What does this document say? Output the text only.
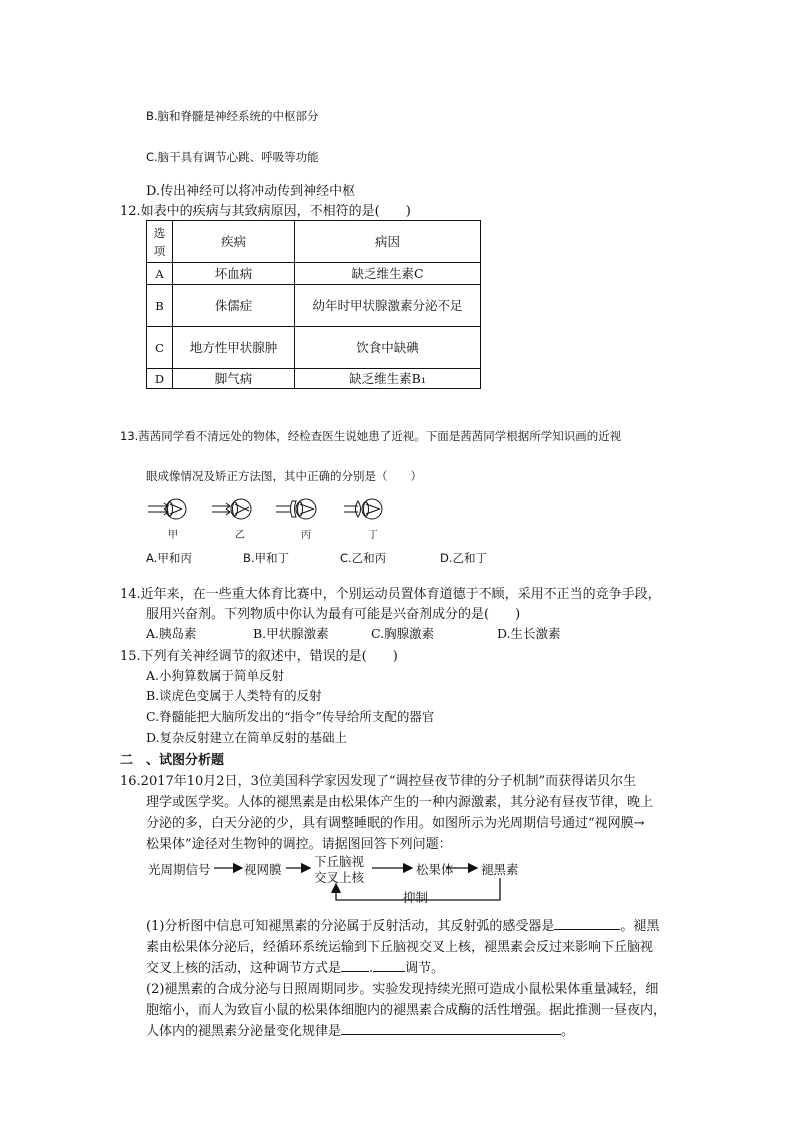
B.脑和脊髓是神经系统的中枢部分
C.脑干具有调节心跳、呼吸等功能
D.传出神经可以将冲动传到神经中枢
12.如表中的疾病与其致病原因，不相符的是(　　)
选项	疾病	病因
A	坏血病	缺乏维生素C
B	侏儒症	幼年时甲状腺激素分泌不足
C	地方性甲状腺肿	饮食中缺碘
D	脚气病	缺乏维生素B₁
13.茜茜同学看不清远处的物体，经检查医生说她患了近视。下面是茜茜同学根据所学知识画的近视
眼成像情况及矫正方法图，其中正确的分别是（　　）
甲	乙	丙	丁
A.甲和丙	B.甲和丁	C.乙和丙	D.乙和丁
14.近年来，在一些重大体育比赛中，个别运动员置体育道德于不顾，采用不正当的竞争手段，
服用兴奋剂。下列物质中你认为最有可能是兴奋剂成分的是(　　)
A.胰岛素	B.甲状腺激素	C.胸腺激素	D.生长激素
15.下列有关神经调节的叙述中，错误的是(　　)
A.小狗算数属于简单反射
B.谈虎色变属于人类特有的反射
C.脊髓能把大脑所发出的“指令”传导给所支配的器官
D.复杂反射建立在简单反射的基础上
二　、试图分析题
16.2017年10月2日，3位美国科学家因发现了“调控昼夜节律的分子机制”而获得诺贝尔生
理学或医学奖。人体的褪黑素是由松果体产生的一种内源激素，其分泌有昼夜节律，晚上
分泌的多，白天分泌的少，具有调整睡眠的作用。如图所示为光周期信号通过“视网膜→
松果体”途径对生物钟的调控。请据图回答下列问题：
光周期信号	视网膜
下丘脑视
交叉上核
松果体 褪黑素
抑制
(1)分析图中信息可知褪黑素的分泌属于反射活动，其反射弧的感受器是	。褪黑
素由松果体分泌后，经循环系统运输到下丘脑视交叉上核，褪黑素会反过来影响下丘脑视
交叉上核的活动，这种调节方式是 . 调节。
(2)褪黑素的合成分泌与日照周期同步。实验发现持续光照可造成小鼠松果体重量减轻，细
胞缩小，而人为致盲小鼠的松果体细胞内的褪黑素合成酶的活性增强。据此推测一昼夜内，
人体内的褪黑素分泌量变化规律是	。
